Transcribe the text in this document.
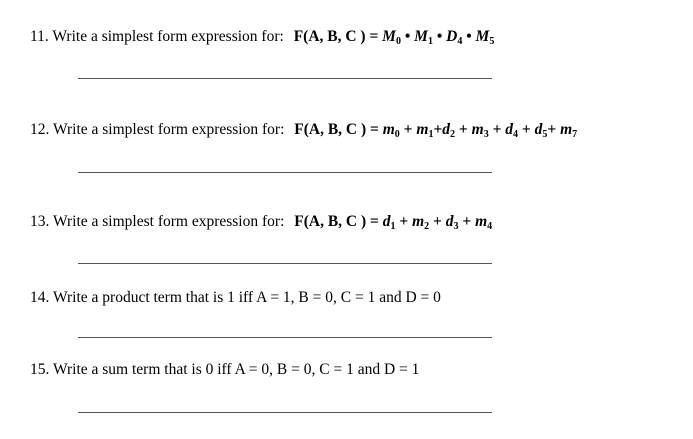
11. Write a simplest form expression for: F(A, B, C ) = $M_0$ • $M_1$ • $D_4$ • $M_5$
12. Write a simplest form expression for: F(A, B, C ) = $m_0 + m_1+d_2 + m_3 + d_4 + d_5+ m_7$
13. Write a simplest form expression for: F(A, B, C ) = $d_1 + m_2 + d_3 + m_4$
14. Write a product term that is 1 iff A = 1, B = 0, C = 1 and D = 0
15. Write a sum term that is 0 iff A = 0, B = 0, C = 1 and D = 1
